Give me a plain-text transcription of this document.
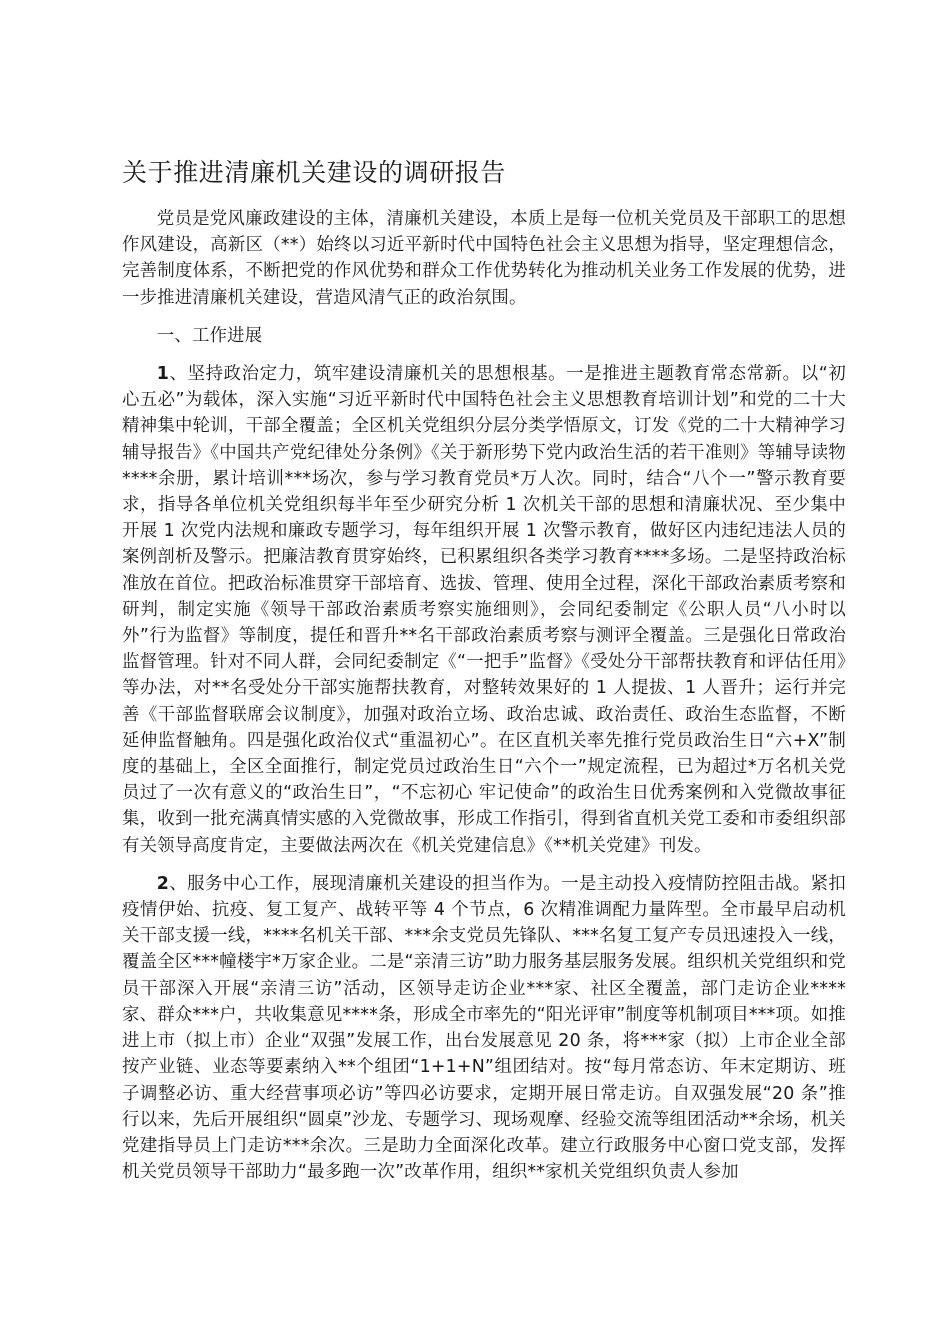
关于推进清廉机关建设的调研报告

党员是党风廉政建设的主体，清廉机关建设，本质上是每一位机关党员及干部职工的思想作风建设，高新区（**）始终以习近平新时代中国特色社会主义思想为指导，坚定理想信念，完善制度体系，不断把党的作风优势和群众工作优势转化为推动机关业务工作发展的优势，进一步推进清廉机关建设，营造风清气正的政治氛围。

一、工作进展

1、坚持政治定力，筑牢建设清廉机关的思想根基。一是推进主题教育常态常新。以“初心五必”为载体，深入实施“习近平新时代中国特色社会主义思想教育培训计划”和党的二十大精神集中轮训，干部全覆盖；全区机关党组织分层分类学悟原文，订发《党的二十大精神学习辅导报告》《中国共产党纪律处分条例》《关于新形势下党内政治生活的若干准则》等辅导读物****余册，累计培训***场次，参与学习教育党员*万人次。同时，结合“八个一”警示教育要求，指导各单位机关党组织每半年至少研究分析 1 次机关干部的思想和清廉状况、至少集中开展 1 次党内法规和廉政专题学习，每年组织开展 1 次警示教育，做好区内违纪违法人员的案例剖析及警示。把廉洁教育贯穿始终，已积累组织各类学习教育****多场。二是坚持政治标准放在首位。把政治标准贯穿干部培育、选拔、管理、使用全过程，深化干部政治素质考察和研判，制定实施《领导干部政治素质考察实施细则》，会同纪委制定《公职人员“八小时以外”行为监督》等制度，提任和晋升**名干部政治素质考察与测评全覆盖。三是强化日常政治监督管理。针对不同人群，会同纪委制定《“一把手”监督》《受处分干部帮扶教育和评估任用》等办法，对**名受处分干部实施帮扶教育，对整转效果好的 1 人提拔、1 人晋升；运行并完善《干部监督联席会议制度》，加强对政治立场、政治忠诚、政治责任、政治生态监督，不断延伸监督触角。四是强化政治仪式“重温初心”。在区直机关率先推行党员政治生日“六+X”制度的基础上，全区全面推行，制定党员过政治生日“六个一”规定流程，已为超过*万名机关党员过了一次有意义的“政治生日”，“不忘初心 牢记使命”的政治生日优秀案例和入党微故事征集，收到一批充满真情实感的入党微故事，形成工作指引，得到省直机关党工委和市委组织部有关领导高度肯定，主要做法两次在《机关党建信息》《**机关党建》刊发。

2、服务中心工作，展现清廉机关建设的担当作为。一是主动投入疫情防控阻击战。紧扣疫情伊始、抗疫、复工复产、战转平等 4 个节点，6 次精准调配力量阵型。全市最早启动机关干部支援一线，****名机关干部、***余支党员先锋队、***名复工复产专员迅速投入一线，覆盖全区***幢楼宇*万家企业。二是“亲清三访”助力服务基层服务发展。组织机关党组织和党员干部深入开展“亲清三访”活动，区领导走访企业***家、社区全覆盖，部门走访企业****家、群众***户，共收集意见****条，形成全市率先的“阳光评审”制度等机制项目***项。如推进上市（拟上市）企业“双强”发展工作，出台发展意见 20 条，将***家（拟）上市企业全部按产业链、业态等要素纳入**个组团“1+1+N”组团结对。按“每月常态访、年末定期访、班子调整必访、重大经营事项必访”等四必访要求，定期开展日常走访。自双强发展“20 条”推行以来，先后开展组织“圆桌”沙龙、专题学习、现场观摩、经验交流等组团活动**余场，机关党建指导员上门走访***余次。三是助力全面深化改革。建立行政服务中心窗口党支部，发挥机关党员领导干部助力“最多跑一次”改革作用，组织**家机关党组织负责人参加
